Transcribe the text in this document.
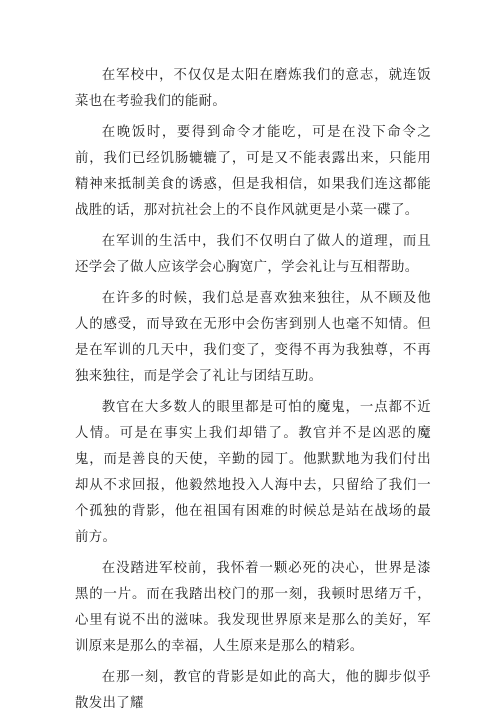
在军校中，不仅仅是太阳在磨炼我们的意志，就连饭菜也在考验我们的能耐。

在晚饭时，要得到命令才能吃，可是在没下命令之前，我们已经饥肠辘辘了，可是又不能表露出来，只能用精神来抵制美食的诱惑，但是我相信，如果我们连这都能战胜的话，那对抗社会上的不良作风就更是小菜一碟了。

在军训的生活中，我们不仅明白了做人的道理，而且还学会了做人应该学会心胸宽广，学会礼让与互相帮助。

在许多的时候，我们总是喜欢独来独往，从不顾及他人的感受，而导致在无形中会伤害到别人也毫不知情。但是在军训的几天中，我们变了，变得不再为我独尊，不再独来独往，而是学会了礼让与团结互助。

教官在大多数人的眼里都是可怕的魔鬼，一点都不近人情。可是在事实上我们却错了。教官并不是凶恶的魔鬼，而是善良的天使，辛勤的园丁。他默默地为我们付出却从不求回报，他毅然地投入人海中去，只留给了我们一个孤独的背影，他在祖国有困难的时候总是站在战场的最前方。

在没踏进军校前，我怀着一颗必死的决心，世界是漆黑的一片。而在我踏出校门的那一刻，我顿时思绪万千，心里有说不出的滋味。我发现世界原来是那么的美好，军训原来是那么的幸福，人生原来是那么的精彩。

在那一刻，教官的背影是如此的高大，他的脚步似乎散发出了耀
